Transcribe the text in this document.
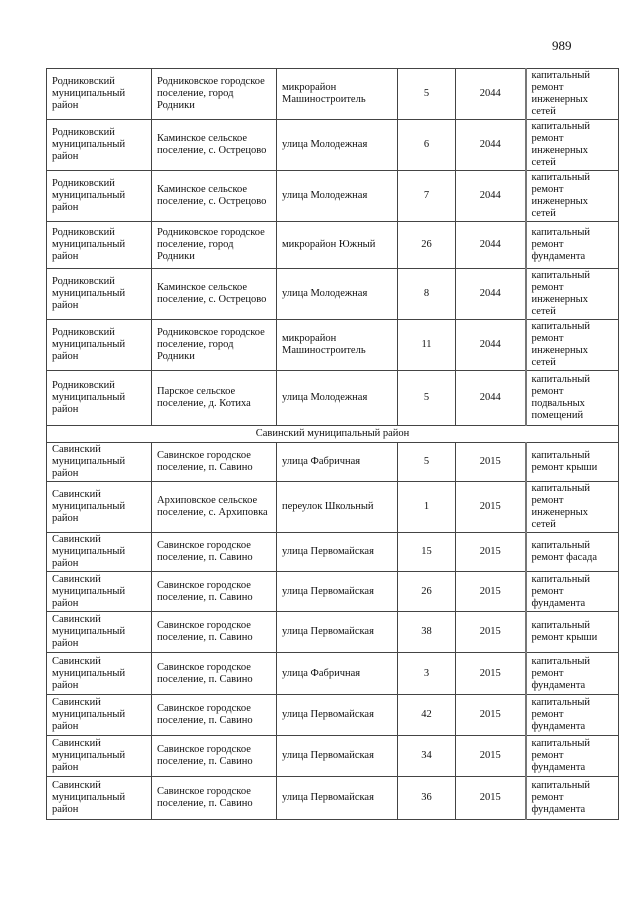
989
Родниковский муниципальный район	Родниковское городское поселение, город Родники	микрорайон Машиностроитель	5	2044	капитальный ремонт инженерных сетей
Родниковский муниципальный район	Каминское сельское поселение, с. Острецово	улица Молодежная	6	2044	капитальный ремонт инженерных сетей
Родниковский муниципальный район	Каминское сельское поселение, с. Острецово	улица Молодежная	7	2044	капитальный ремонт инженерных сетей
Родниковский муниципальный район	Родниковское городское поселение, город Родники	микрорайон Южный	26	2044	капитальный ремонт фундамента
Родниковский муниципальный район	Каминское сельское поселение, с. Острецово	улица Молодежная	8	2044	капитальный ремонт инженерных сетей
Родниковский муниципальный район	Родниковское городское поселение, город Родники	микрорайон Машиностроитель	11	2044	капитальный ремонт инженерных сетей
Родниковский муниципальный район	Парское сельское поселение, д. Котиха	улица Молодежная	5	2044	капитальный ремонт подвальных помещений
Савинский муниципальный район					
Савинский муниципальный район	Савинское городское поселение, п. Савино	улица Фабричная	5	2015	капитальный ремонт крыши
Савинский муниципальный район	Архиповское сельское поселение, с. Архиповка	переулок Школьный	1	2015	капитальный ремонт инженерных сетей
Савинский муниципальный район	Савинское городское поселение, п. Савино	улица Первомайская	15	2015	капитальный ремонт фасада
Савинский муниципальный район	Савинское городское поселение, п. Савино	улица Первомайская	26	2015	капитальный ремонт фундамента
Савинский муниципальный район	Савинское городское поселение, п. Савино	улица Первомайская	38	2015	капитальный ремонт крыши
Савинский муниципальный район	Савинское городское поселение, п. Савино	улица Фабричная	3	2015	капитальный ремонт фундамента
Савинский муниципальный район	Савинское городское поселение, п. Савино	улица Первомайская	42	2015	капитальный ремонт фундамента
Савинский муниципальный район	Савинское городское поселение, п. Савино	улица Первомайская	34	2015	капитальный ремонт фундамента
Савинский муниципальный район	Савинское городское поселение, п. Савино	улица Первомайская	36	2015	капитальный ремонт фундамента
